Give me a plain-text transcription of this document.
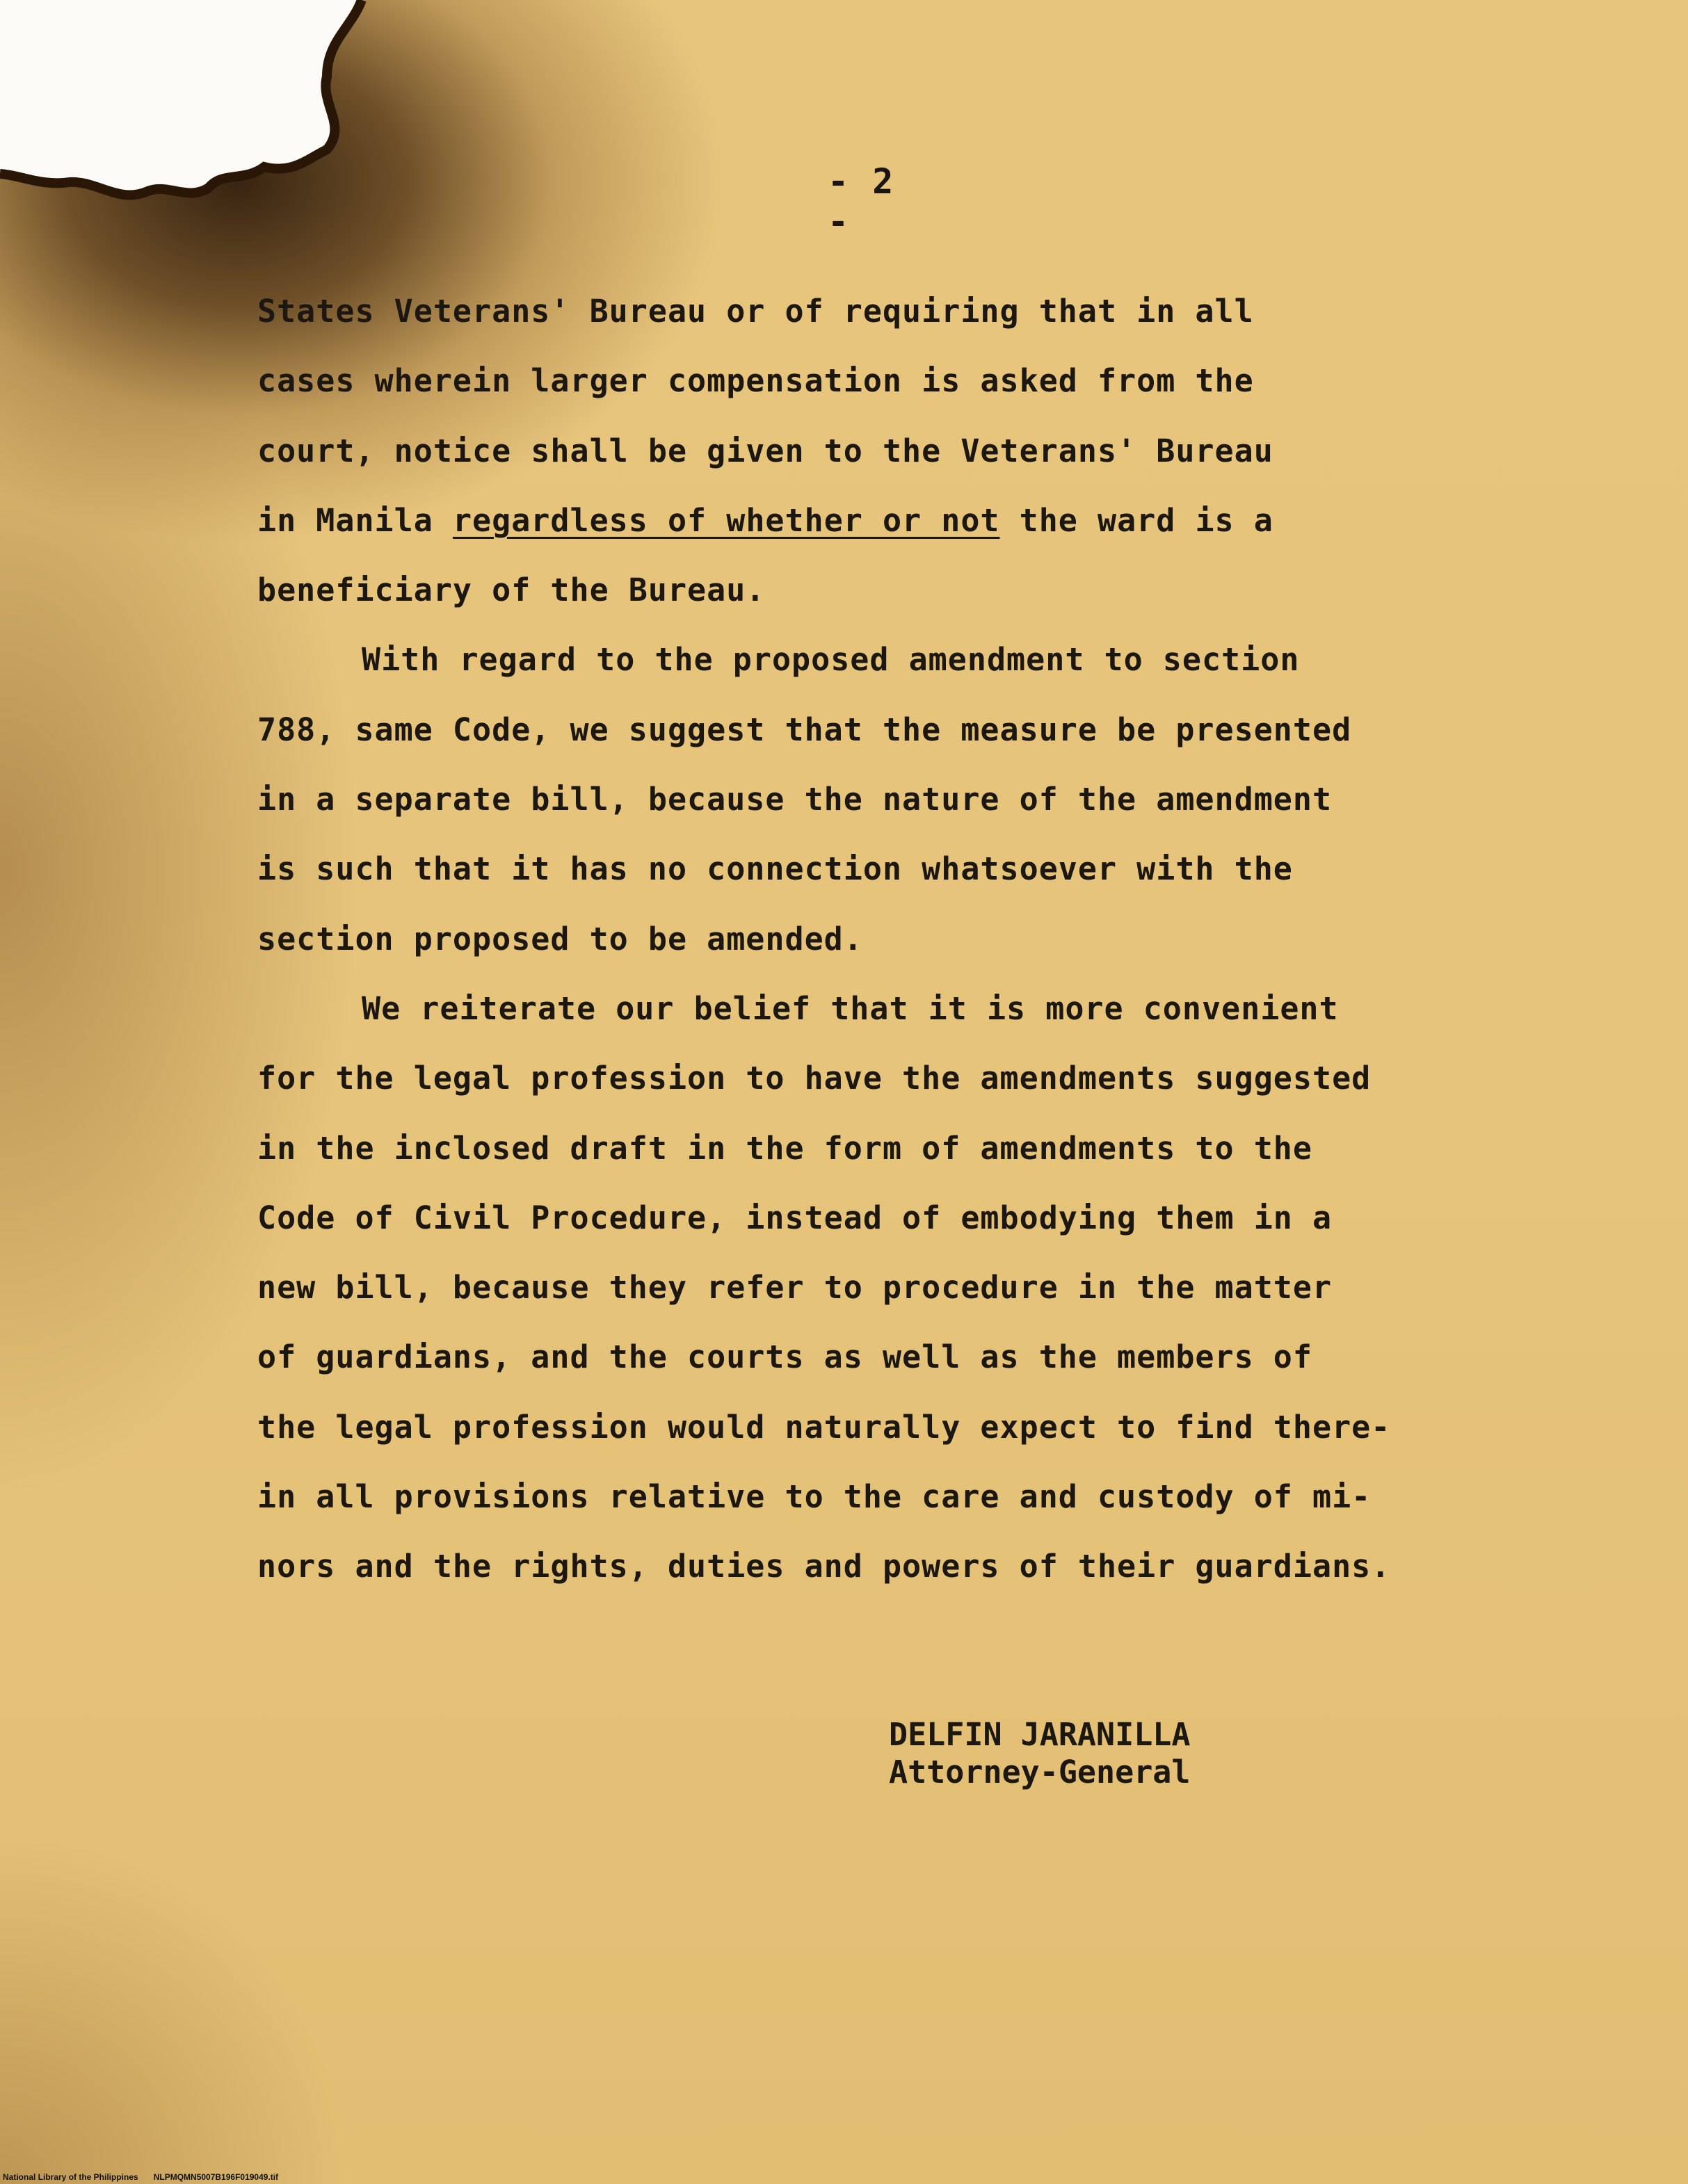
- 2 -
States Veterans' Bureau or of requiring that in all
cases wherein larger compensation is asked from the
court, notice shall be given to the Veterans' Bureau
in Manila regardless of whether or not the ward is a
beneficiary of the Bureau.
With regard to the proposed amendment to section
788, same Code, we suggest that the measure be presented
in a separate bill, because the nature of the amendment
is such that it has no connection whatsoever with the
section proposed to be amended.
We reiterate our belief that it is more convenient
for the legal profession to have the amendments suggested
in the inclosed draft in the form of amendments to the
Code of Civil Procedure, instead of embodying them in a
new bill, because they refer to procedure in the matter
of guardians, and the courts as well as the members of
the legal profession would naturally expect to find there-
in all provisions relative to the care and custody of mi-
nors and the rights, duties and powers of their guardians.
DELFIN JARANILLA
Attorney-General
National Library of the Philippines NLPMQMN5007B196F019049.tif
